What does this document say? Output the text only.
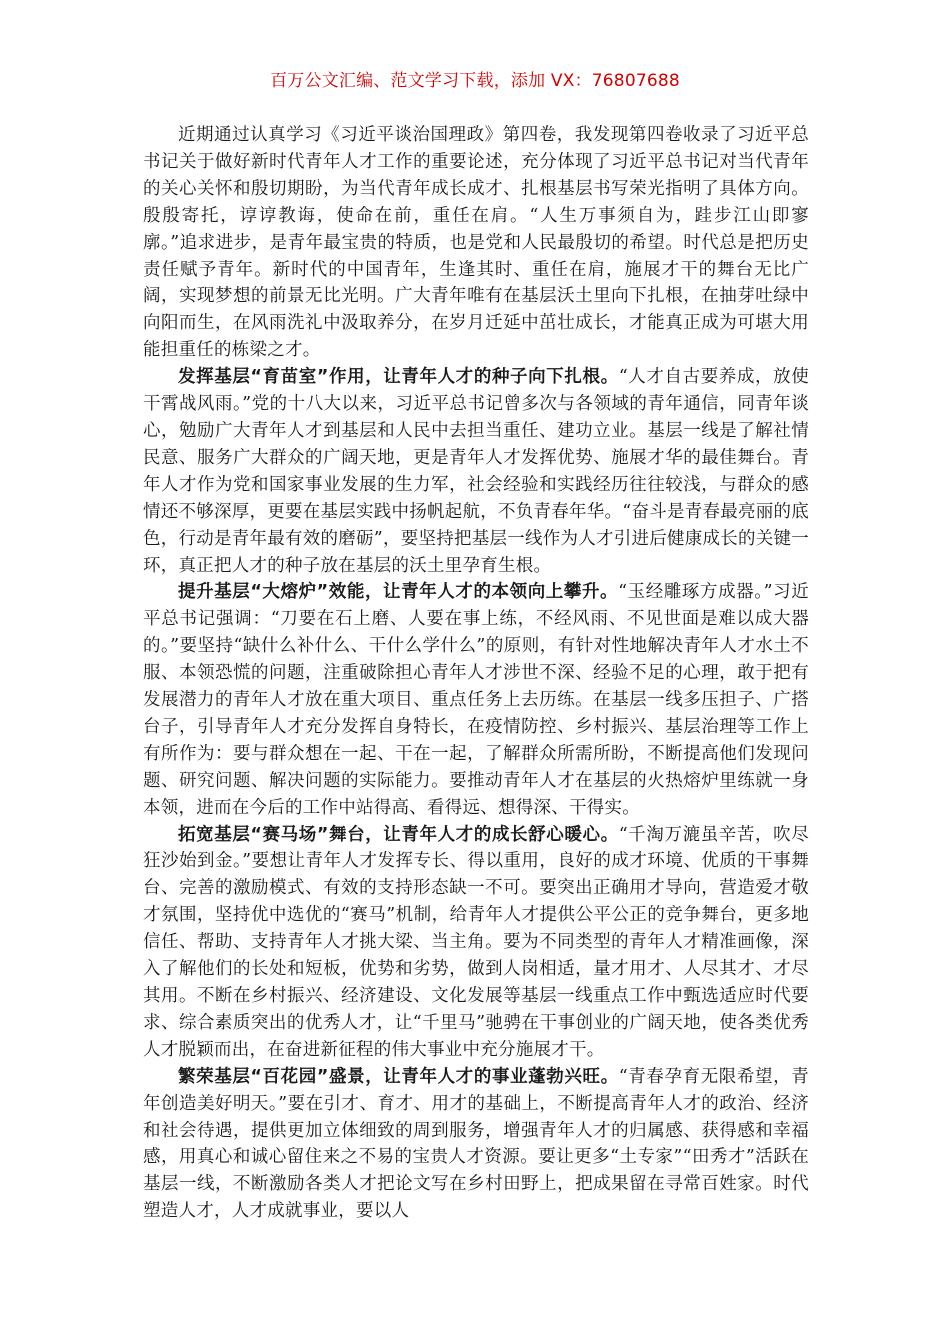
百万公文汇编、范文学习下载，添加 VX：76807688

近期通过认真学习《习近平谈治国理政》第四卷，我发现第四卷收录了习近平总书记关于做好新时代青年人才工作的重要论述，充分体现了习近平总书记对当代青年的关心关怀和殷切期盼，为当代青年成长成才、扎根基层书写荣光指明了具体方向。殷殷寄托，谆谆教诲，使命在前，重任在肩。“人生万事须自为，跬步江山即寥廓。”追求进步，是青年最宝贵的特质，也是党和人民最殷切的希望。时代总是把历史责任赋予青年。新时代的中国青年，生逢其时、重任在肩，施展才干的舞台无比广阔，实现梦想的前景无比光明。广大青年唯有在基层沃土里向下扎根，在抽芽吐绿中向阳而生，在风雨洗礼中汲取养分，在岁月迁延中茁壮成长，才能真正成为可堪大用能担重任的栋梁之才。

发挥基层“育苗室”作用，让青年人才的种子向下扎根。“人才自古要养成，放使干霄战风雨。”党的十八大以来，习近平总书记曾多次与各领域的青年通信，同青年谈心，勉励广大青年人才到基层和人民中去担当重任、建功立业。基层一线是了解社情民意、服务广大群众的广阔天地，更是青年人才发挥优势、施展才华的最佳舞台。青年人才作为党和国家事业发展的生力军，社会经验和实践经历往往较浅，与群众的感情还不够深厚，更要在基层实践中扬帆起航，不负青春年华。“奋斗是青春最亮丽的底色，行动是青年最有效的磨砺”，要坚持把基层一线作为人才引进后健康成长的关键一环，真正把人才的种子放在基层的沃土里孕育生根。

提升基层“大熔炉”效能，让青年人才的本领向上攀升。“玉经雕琢方成器。”习近平总书记强调：“刀要在石上磨、人要在事上练，不经风雨、不见世面是难以成大器的。”要坚持“缺什么补什么、干什么学什么”的原则，有针对性地解决青年人才水土不服、本领恐慌的问题，注重破除担心青年人才涉世不深、经验不足的心理，敢于把有发展潜力的青年人才放在重大项目、重点任务上去历练。在基层一线多压担子、广搭台子，引导青年人才充分发挥自身特长，在疫情防控、乡村振兴、基层治理等工作上有所作为：要与群众想在一起、干在一起，了解群众所需所盼，不断提高他们发现问题、研究问题、解决问题的实际能力。要推动青年人才在基层的火热熔炉里练就一身本领，进而在今后的工作中站得高、看得远、想得深、干得实。

拓宽基层“赛马场”舞台，让青年人才的成长舒心暖心。“千淘万漉虽辛苦，吹尽狂沙始到金。”要想让青年人才发挥专长、得以重用，良好的成才环境、优质的干事舞台、完善的激励模式、有效的支持形态缺一不可。要突出正确用才导向，营造爱才敬才氛围，坚持优中选优的“赛马”机制，给青年人才提供公平公正的竞争舞台，更多地信任、帮助、支持青年人才挑大梁、当主角。要为不同类型的青年人才精准画像，深入了解他们的长处和短板，优势和劣势，做到人岗相适，量才用才、人尽其才、才尽其用。不断在乡村振兴、经济建设、文化发展等基层一线重点工作中甄选适应时代要求、综合素质突出的优秀人才，让“千里马”驰骋在干事创业的广阔天地，使各类优秀人才脱颖而出，在奋进新征程的伟大事业中充分施展才干。

繁荣基层“百花园”盛景，让青年人才的事业蓬勃兴旺。“青春孕育无限希望，青年创造美好明天。”要在引才、育才、用才的基础上，不断提高青年人才的政治、经济和社会待遇，提供更加立体细致的周到服务，增强青年人才的归属感、获得感和幸福感，用真心和诚心留住来之不易的宝贵人才资源。要让更多“土专家”“田秀才”活跃在基层一线，不断激励各类人才把论文写在乡村田野上，把成果留在寻常百姓家。时代塑造人才，人才成就事业，要以人
